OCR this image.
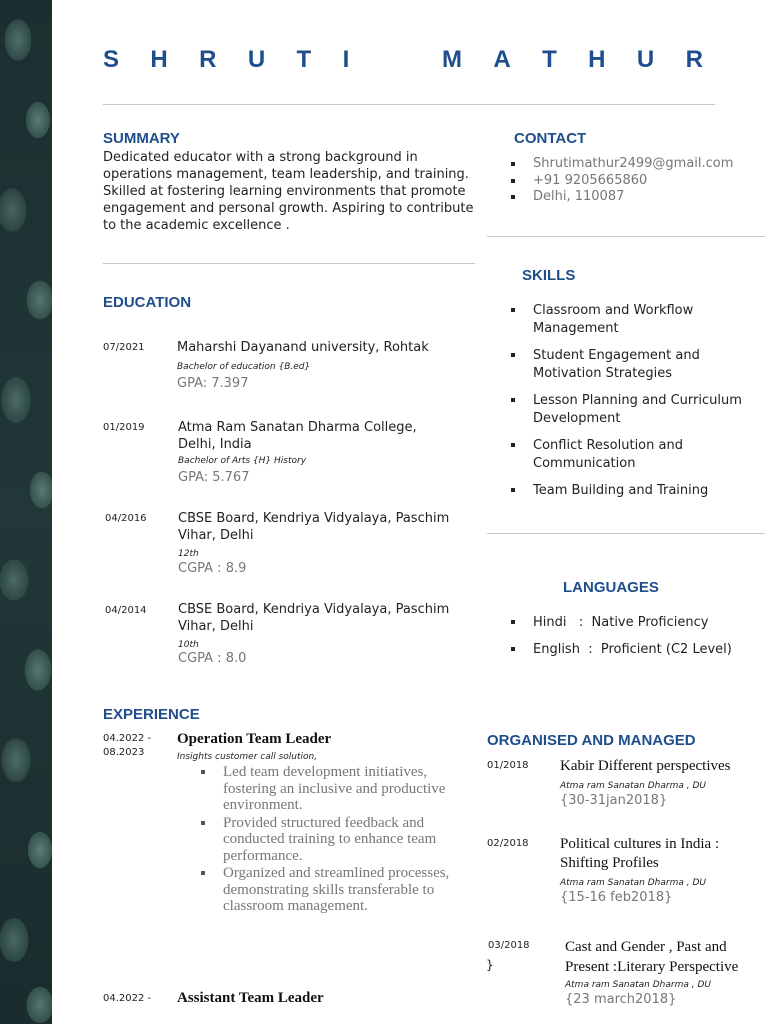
S H R U T I	M A T H U R
SUMMARY
Dedicated educator with a strong background in operations management, team leadership, and training. Skilled at fostering learning environments that promote engagement and personal growth. Aspiring to contribute to the academic excellence .
CONTACT
Shrutimathur2499@gmail.com
+91 9205665860
Delhi, 110087
SKILLS
Classroom and Workflow Management
Student Engagement and Motivation Strategies
Lesson Planning and Curriculum Development
Conflict Resolution and Communication
Team Building and Training
LANGUAGES
Hindi   :  Native Proficiency
English  :  Proficient (C2 Level)
EDUCATION
07/2021 Maharshi Dayanand university, Rohtak
Bachelor of education {B.ed}
GPA: 7.397
01/2019	Atma Ram Sanatan Dharma College, Delhi, India
Bachelor of Arts {H} History
GPA: 5.767
04/2016 CBSE Board, Kendriya Vidyalaya, Paschim Vihar, Delhi
12th
CGPA : 8.9
04/2014 CBSE Board, Kendriya Vidyalaya, Paschim Vihar, Delhi
10th
CGPA : 8.0
EXPERIENCE
04.2022 -
08.2023
Operation Team Leader
Insights customer call solution,
Led team development initiatives, fostering an inclusive and productive environment.
Provided structured feedback and conducted training to enhance team performance.
Organized and streamlined processes, demonstrating skills transferable to classroom management.
04.2022 - Assistant Team Leader
ORGANISED AND MANAGED
01/2018 Kabir Different perspectives
Atma ram Sanatan Dharma , DU
{30-31jan2018}
02/2018 Political cultures in India : Shifting Profiles
Atma ram Sanatan Dharma , DU
{15-16 feb2018}
03/2018
}
Cast and Gender , Past and Present :Literary Perspective
Atma ram Sanatan Dharma , DU
{23 march2018}
